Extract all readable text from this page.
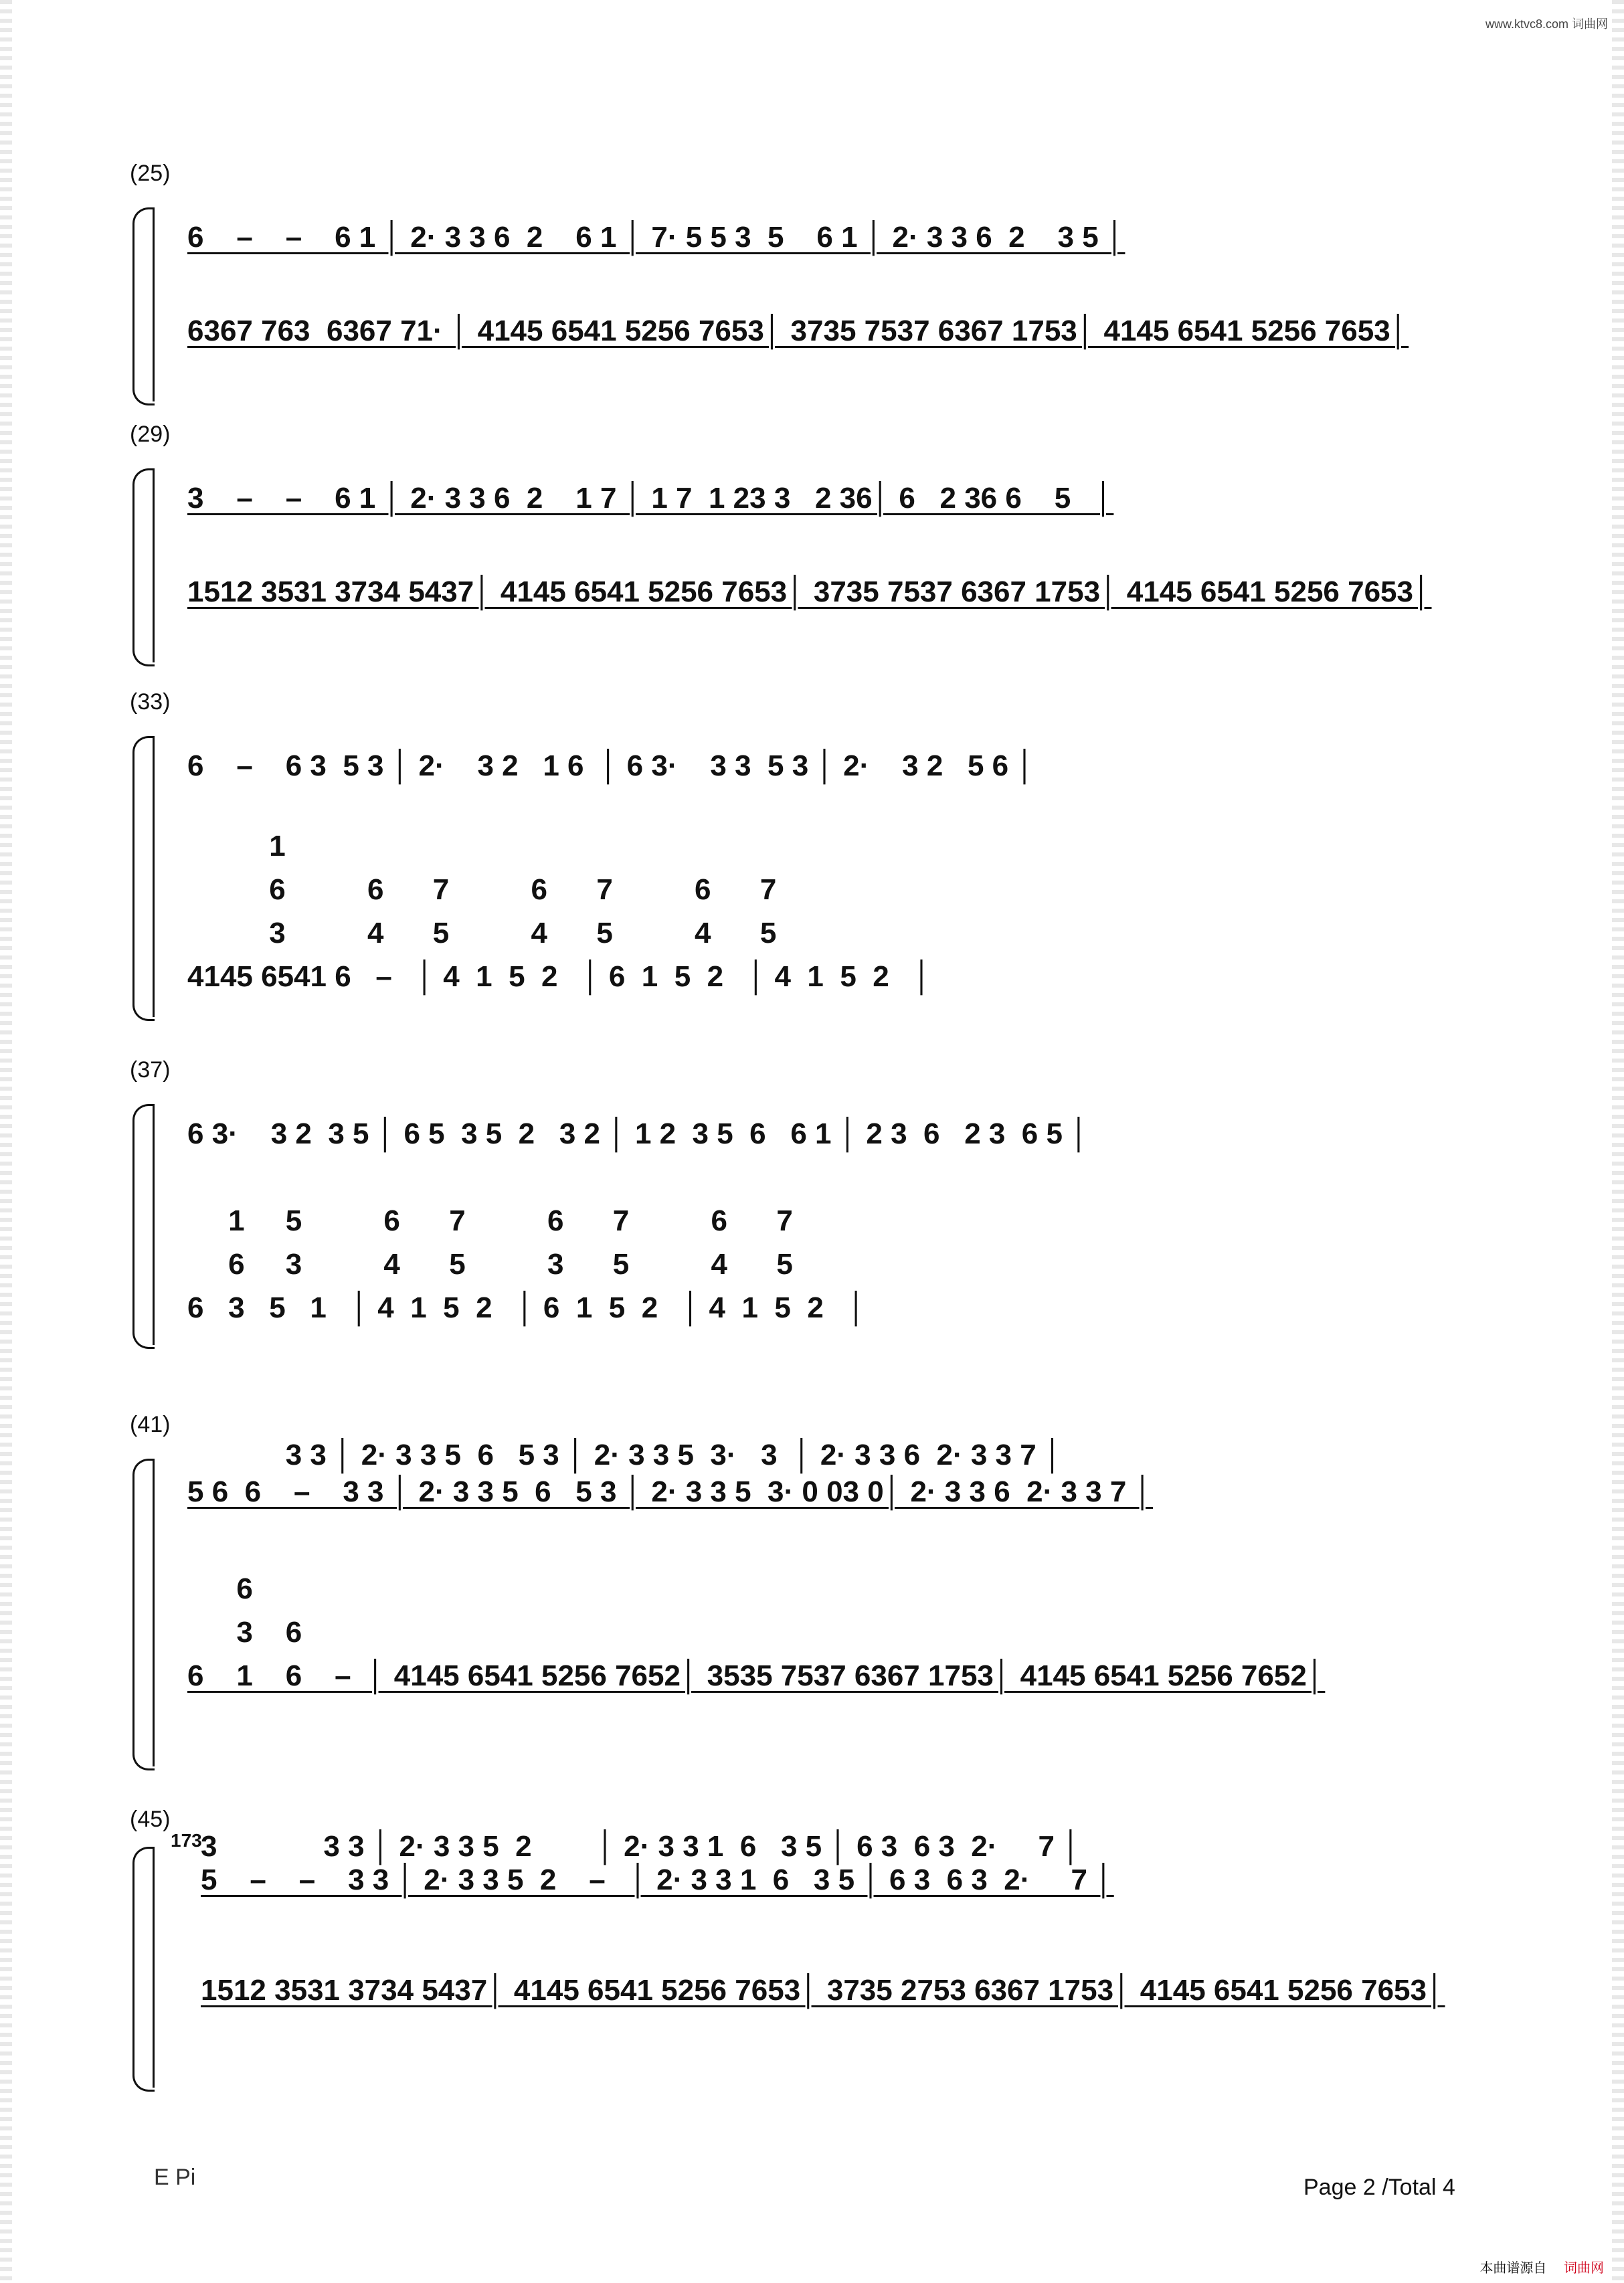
www.ktvc8.com 词曲网
(25)
6    –    –    6 1 │ 2· 3 3 6  2    6 1 │ 7· 5 5 3  5    6 1 │ 2· 3 3 6  2    3 5 │
6367 763  6367 71· │ 4145 6541 5256 7653│ 3735 7537 6367 1753│ 4145 6541 5256 7653│
(29)
3    –    –    6 1 │ 2· 3 3 6  2    1 7 │ 1 7  1 23 3   2 36│ 6   2 36 6    5   │
1512 3531 3734 5437│ 4145 6541 5256 7653│ 3735 7537 6367 1753│ 4145 6541 5256 7653│
(33)
6    –    6 3  5 3 │ 2·    3 2   1 6  │ 6 3·    3 3  5 3 │ 2·    3 2   5 6 │
1
6          6      7          6      7          6      7
3          4      5          4      5          4      5
4145 6541 6   –   │ 4  1  5  2   │ 6  1  5  2   │ 4  1  5  2   │
(37)
6 3·    3 2  3 5 │ 6 5  3 5  2   3 2 │ 1 2  3 5  6   6 1 │ 2 3  6   2 3  6 5 │
1     5          6      7          6      7          6      7
6     3          4      5          3      5          4      5
6   3   5   1   │ 4  1  5  2   │ 6  1  5  2   │ 4  1  5  2   │
(41)
3 3 │ 2· 3 3 5  6   5 3 │ 2· 3 3 5  3·   3  │ 2· 3 3 6  2· 3 3 7 │
5 6  6    –    3 3 │ 2· 3 3 5  6   5 3 │ 2· 3 3 5  3· 0 03 0│ 2· 3 3 6  2· 3 3 7 │
6
3    6
6    1    6    –  │ 4145 6541 5256 7652│ 3535 7537 6367 1753│ 4145 6541 5256 7652│
(45)
173
3             3 3 │ 2· 3 3 5  2        │ 2· 3 3 1  6   3 5 │ 6 3  6 3  2·     7 │
5    –    –    3 3 │ 2· 3 3 5  2    –   │ 2· 3 3 1  6   3 5 │ 6 3  6 3  2·     7 │
1512 3531 3734 5437│ 4145 6541 5256 7653│ 3735 2753 6367 1753│ 4145 6541 5256 7653│
E Pi	Page 2 /Total 4
本曲谱源自 词曲网
